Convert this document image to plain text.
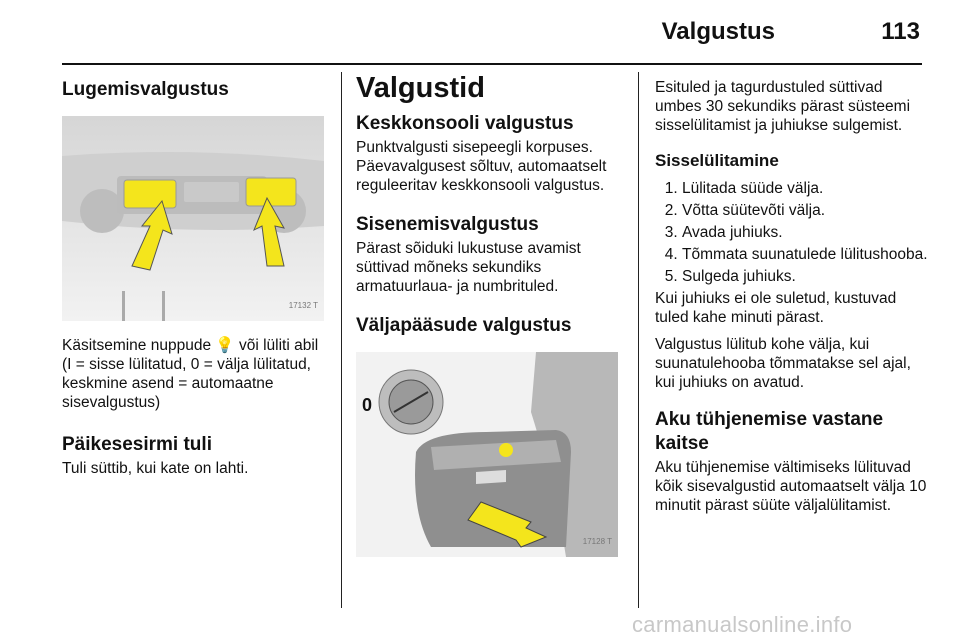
Valgustus	113
Lugemisvalgustus
17132 T

Käsitsemine nuppude 💡 või lüliti abil (I = sisse lülitatud, 0 = välja lülitatud, keskmine asend = automaatne sisevalgustus)

Päikesesirmi tuli

Tuli süttib, kui kate on lahti.

Valgustid
Keskkonsooli valgustus

Punktvalgusti sisepeegli korpuses. Päevavalgusest sõltuv, automaatselt reguleeritav keskkonsooli valgustus.

Sisenemisvalgustus

Pärast sõiduki lukustuse avamist süttivad mõneks sekundiks armatuurlaua- ja numbrituled.

Väljapääsude valgustus
0
17128 T

Esituled ja tagurdustuled süttivad umbes 30 sekundiks pärast süsteemi sisselülitamist ja juhiukse sulgemist.

Sisselülitamine
1. Lülitada süüde välja.
2. Võtta süütevõti välja.
3. Avada juhiuks.
4. Tõmmata suunatulede lülitushooba.
5. Sulgeda juhiuks.

Kui juhiuks ei ole suletud, kustuvad tuled kahe minuti pärast.

Valgustus lülitub kohe välja, kui suunatulehooba tõmmatakse sel ajal, kui juhiuks on avatud.

Aku tühjenemise vastane kaitse

Aku tühjenemise vältimiseks lülituvad kõik sisevalgustid automaatselt välja 10 minutit pärast süüte väljalülitamist.

carmanualsonline.info
